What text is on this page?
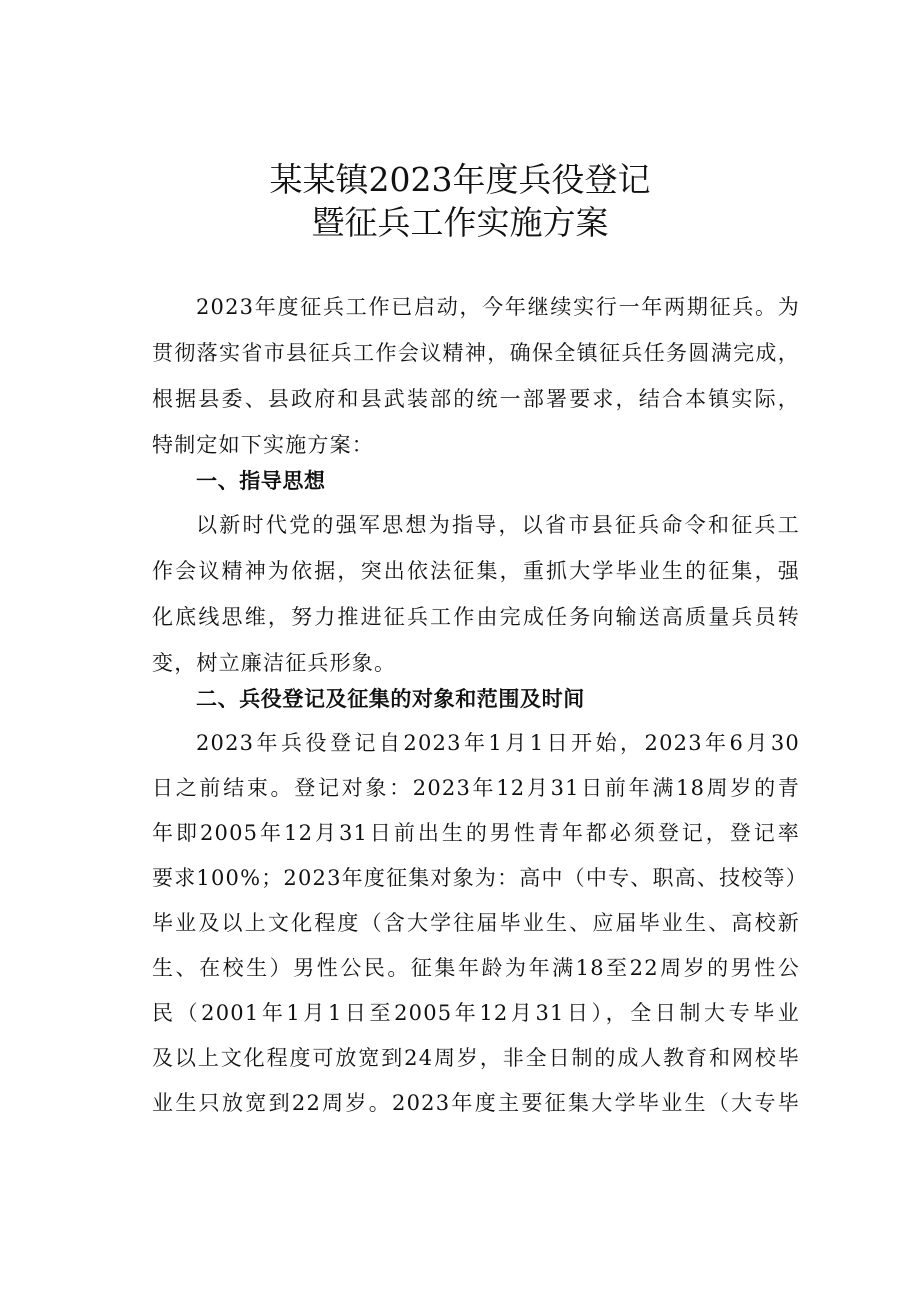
某某镇2023年度兵役登记
暨征兵工作实施方案
2023年度征兵工作已启动，今年继续实行一年两期征兵。为
贯彻落实省市县征兵工作会议精神，确保全镇征兵任务圆满完成，
根据县委、县政府和县武装部的统一部署要求，结合本镇实际，
特制定如下实施方案：
一、指导思想
以新时代党的强军思想为指导，以省市县征兵命令和征兵工
作会议精神为依据，突出依法征集，重抓大学毕业生的征集，强
化底线思维，努力推进征兵工作由完成任务向输送高质量兵员转
变，树立廉洁征兵形象。
二、兵役登记及征集的对象和范围及时间
2023年兵役登记自2023年1月1日开始，2023年6月30
日之前结束。登记对象：2023年12月31日前年满18周岁的青
年即2005年12月31日前出生的男性青年都必须登记，登记率
要求100%；2023年度征集对象为：高中（中专、职高、技校等）
毕业及以上文化程度（含大学往届毕业生、应届毕业生、高校新
生、在校生）男性公民。征集年龄为年满18至22周岁的男性公
民（2001年1月1日至2005年12月31日），全日制大专毕业
及以上文化程度可放宽到24周岁，非全日制的成人教育和网校毕
业生只放宽到22周岁。2023年度主要征集大学毕业生（大专毕
